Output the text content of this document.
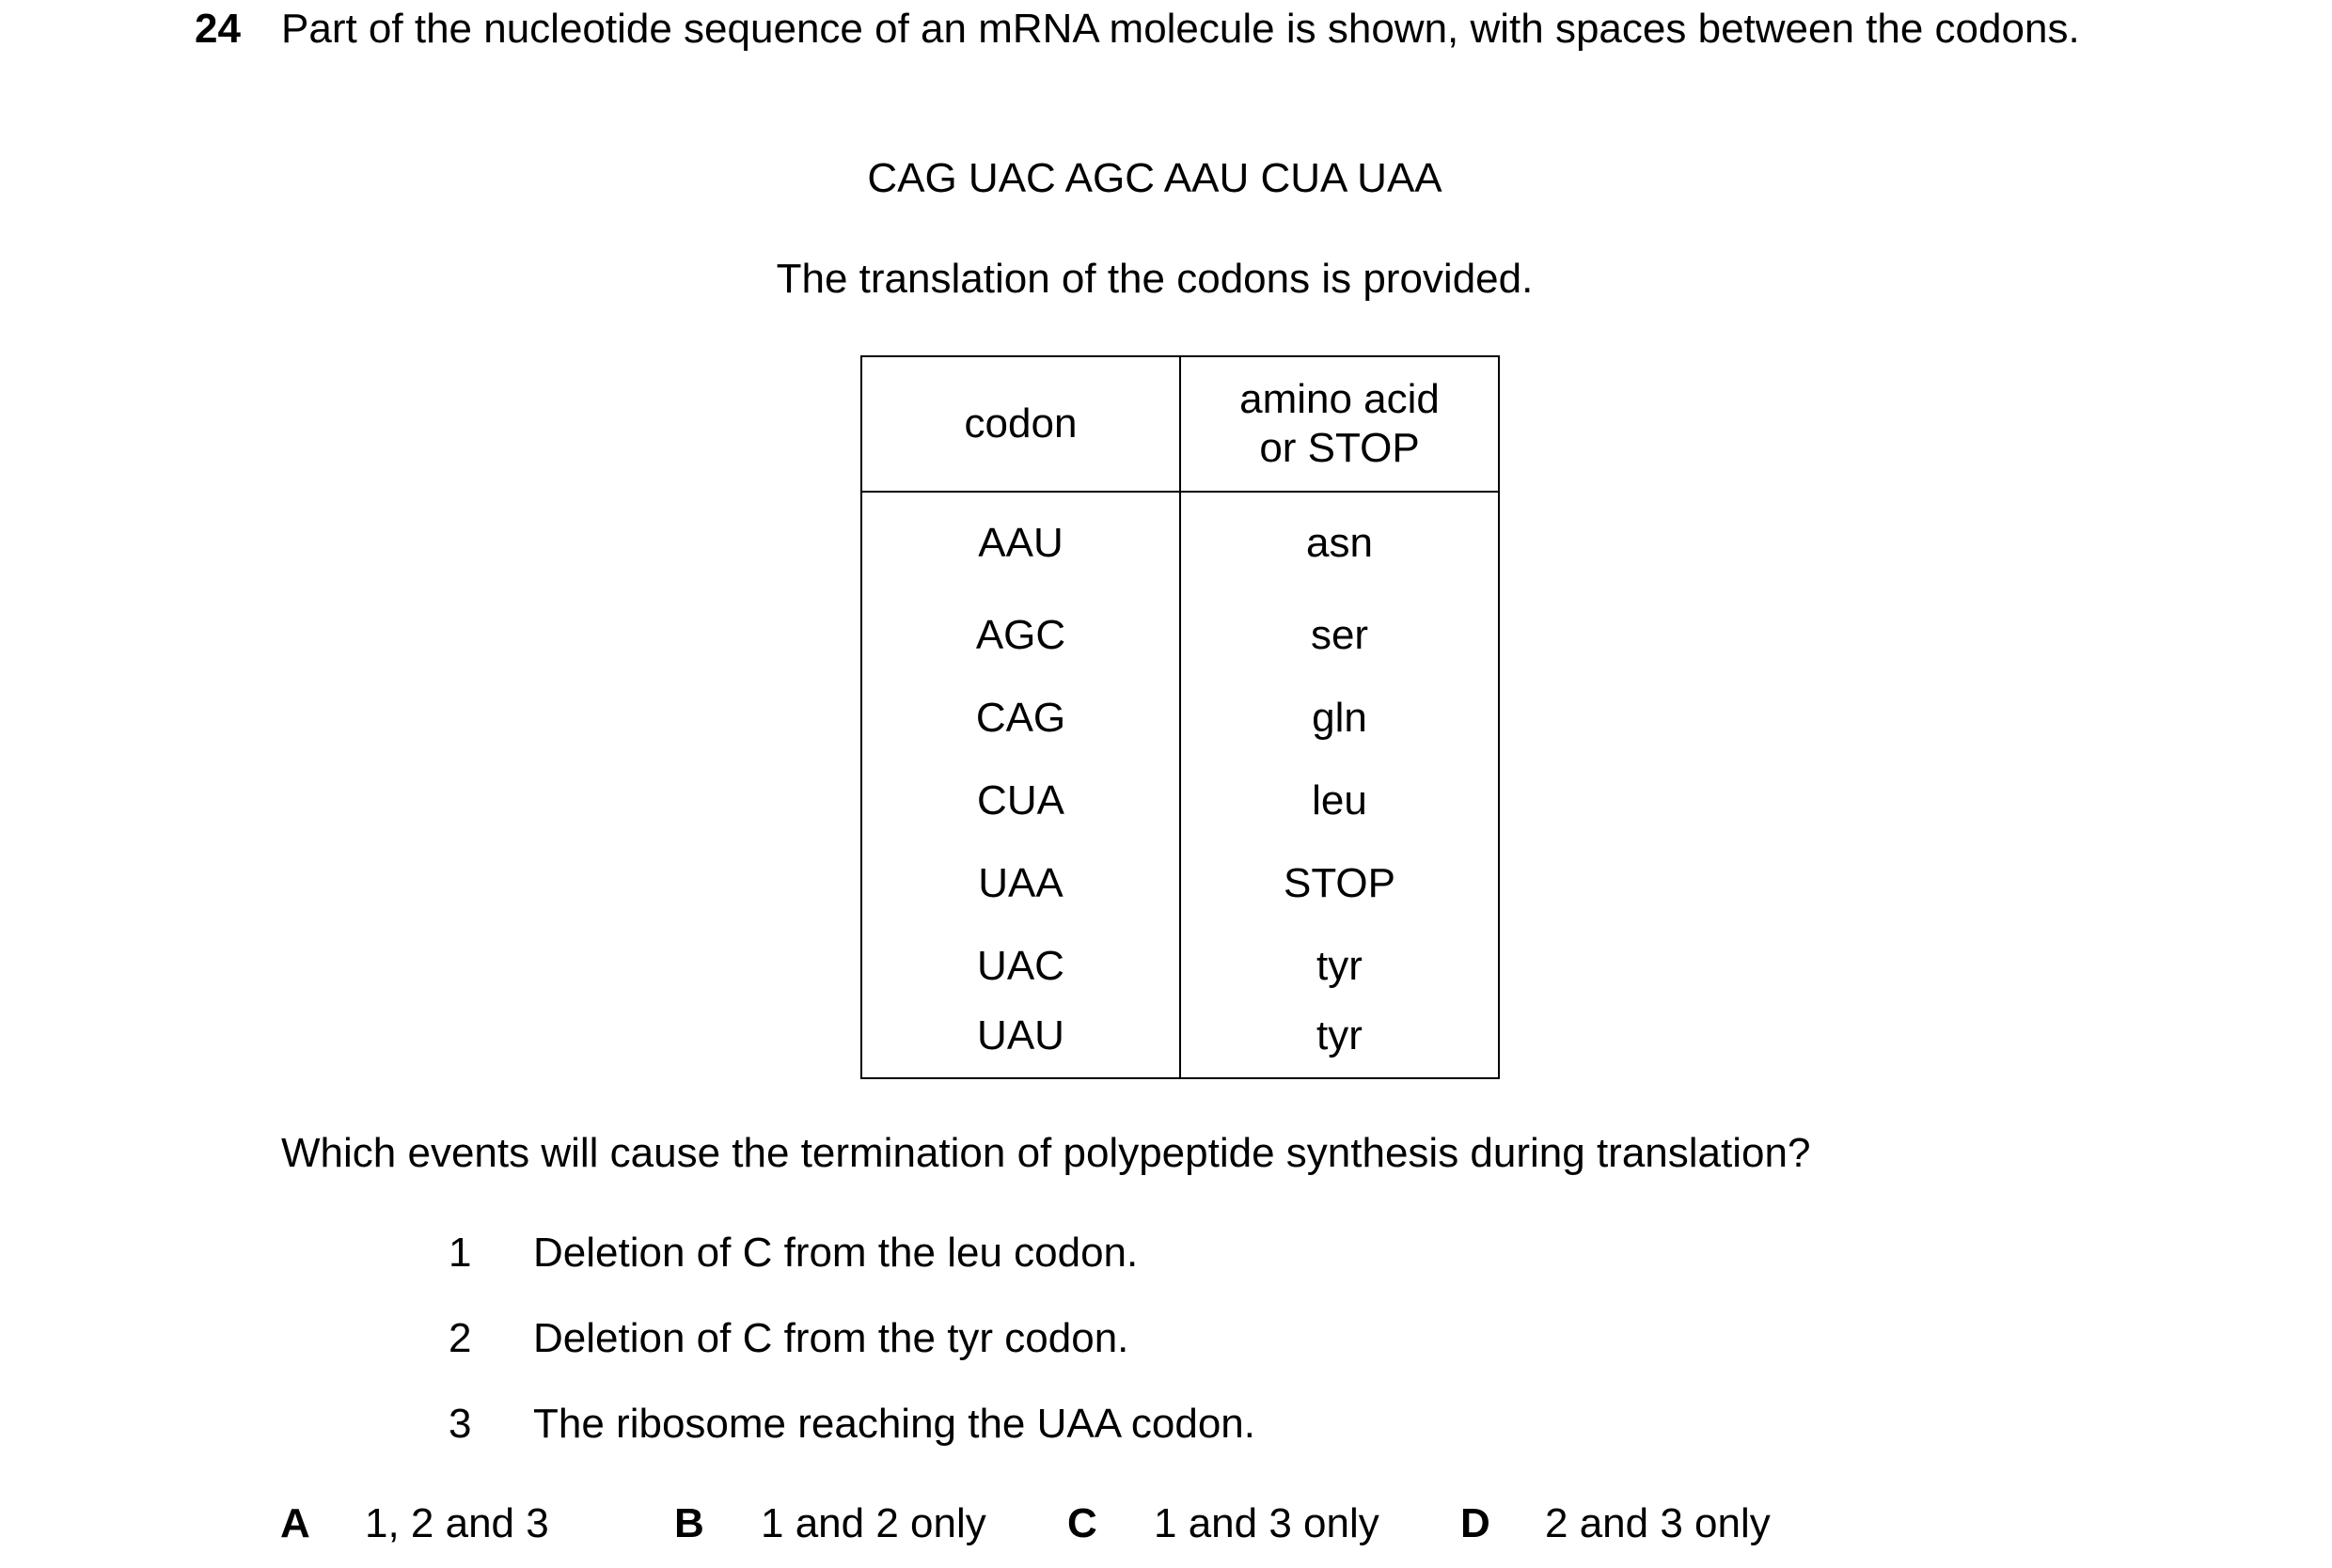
24 Part of the nucleotide sequence of an mRNA molecule is shown, with spaces between the codons.
CAG UAC AGC AAU CUA UAA
The translation of the codons is provided.
codon	amino acid
or STOP

AAU	asn
AGC	ser
CAG	gln
CUA	leu
UAA	STOP
UAC	tyr
UAU	tyr
Which events will cause the termination of polypeptide synthesis during translation?
1 Deletion of C from the leu codon.
2 Deletion of C from the tyr codon.
3 The ribosome reaching the UAA codon.
A 1, 2 and 3	B 1 and 2 only C 1 and 3 only D 2 and 3 only
